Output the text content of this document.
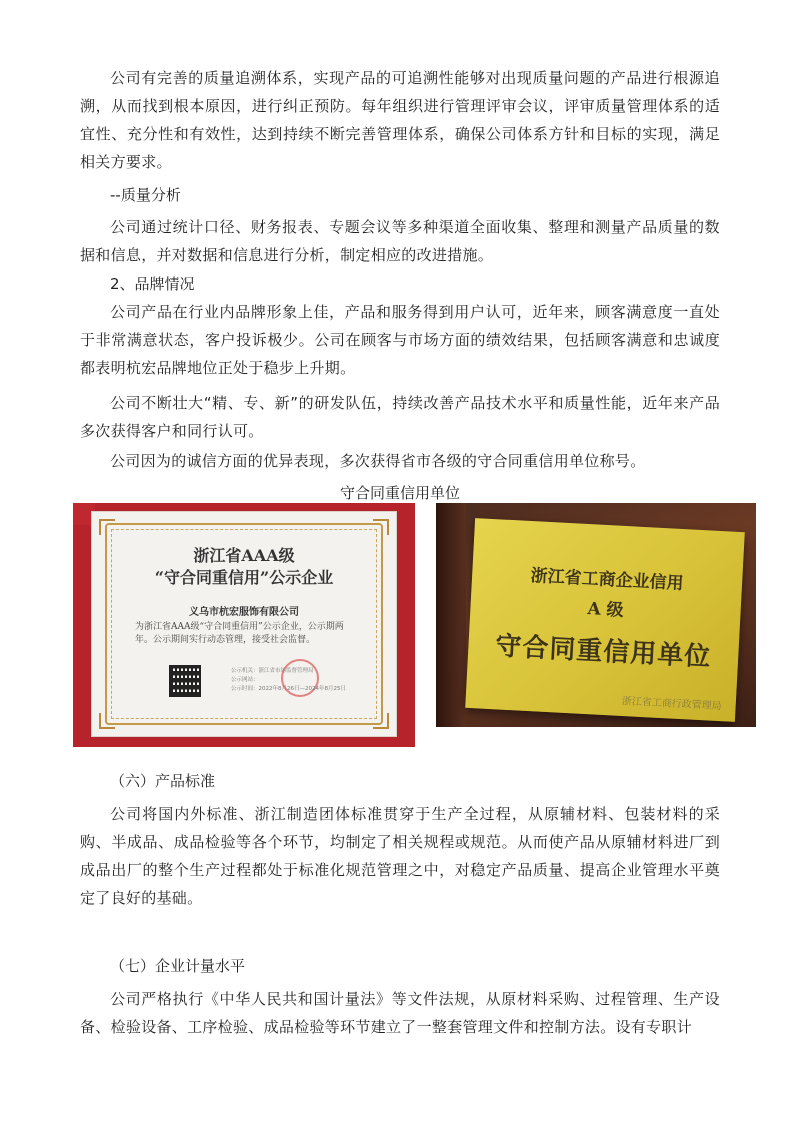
公司有完善的质量追溯体系，实现产品的可追溯性能够对出现质量问题的产品进行根源追溯，从而找到根本原因，进行纠正预防。每年组织进行管理评审会议，评审质量管理体系的适宜性、充分性和有效性，达到持续不断完善管理体系，确保公司体系方针和目标的实现，满足相关方要求。

--质量分析

公司通过统计口径、财务报表、专题会议等多种渠道全面收集、整理和测量产品质量的数据和信息，并对数据和信息进行分析，制定相应的改进措施。

2、品牌情况

公司产品在行业内品牌形象上佳，产品和服务得到用户认可，近年来，顾客满意度一直处于非常满意状态，客户投诉极少。公司在顾客与市场方面的绩效结果，包括顾客满意和忠诚度都表明杭宏品牌地位正处于稳步上升期。

公司不断壮大“精、专、新”的研发队伍，持续改善产品技术水平和质量性能，近年来产品多次获得客户和同行认可。

公司因为的诚信方面的优异表现，多次获得省市各级的守合同重信用单位称号。

守合同重信用单位
浙江省AAA级
“守合同重信用”公示企业
义乌市杭宏服饰有限公司
为浙江省AAA级“守合同重信用”公示企业，公示期两年。公示期间实行动态管理，接受社会监督。
公示机关：浙江省市场监督管理局
公示网站：
公示时间：2022年8月26日—2024年8月25日
浙江省工商企业信用
A 级
守合同重信用单位
浙江省工商行政管理局

（六）产品标准

公司将国内外标准、浙江制造团体标准贯穿于生产全过程，从原辅材料、包装材料的采购、半成品、成品检验等各个环节，均制定了相关规程或规范。从而使产品从原辅材料进厂到成品出厂的整个生产过程都处于标准化规范管理之中，对稳定产品质量、提高企业管理水平奠定了良好的基础。

（七）企业计量水平

公司严格执行《中华人民共和国计量法》等文件法规，从原材料采购、过程管理、生产设备、检验设备、工序检验、成品检验等环节建立了一整套管理文件和控制方法。设有专职计
